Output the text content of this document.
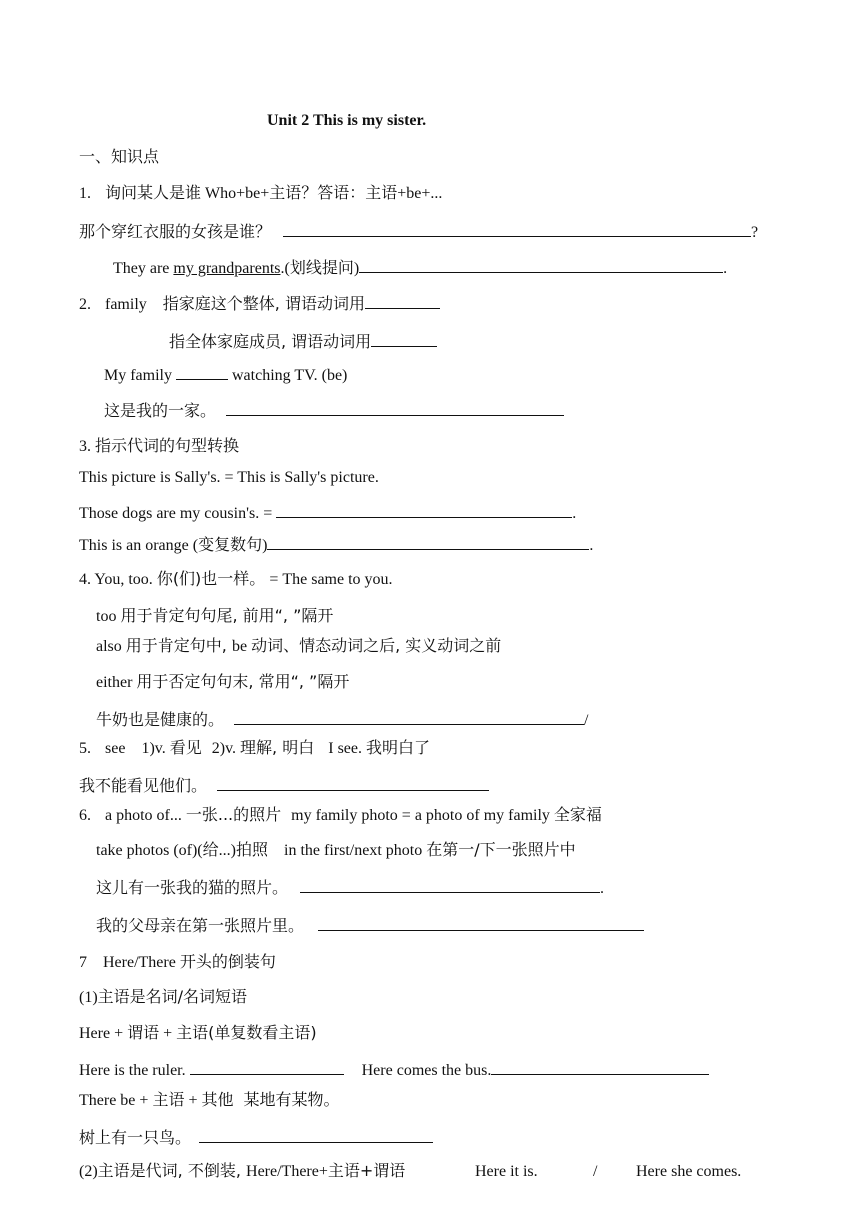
Unit 2 This is my sister.
一、知识点
1. 询问某人是谁 Who+be+主语？答语：主语+be+...
那个穿红衣服的女孩是谁？	?
They are my grandparents.(划线提问)	.
2. family 指家庭这个整体, 谓语动词用
指全体家庭成员, 谓语动词用
My family	watching TV. (be)
这是我的一家。
3. 指示代词的句型转换
This picture is Sally's. = This is Sally's picture.
Those dogs are my cousin's. =	.
This is an orange (变复数句)	.
4. You, too. 你(们)也一样。 = The same to you.
too 用于肯定句句尾, 前用“, ”隔开
also 用于肯定句中, be 动词、情态动词之后, 实义动词之前
either 用于否定句句末, 常用“, ”隔开
牛奶也是健康的。	/
5. see 1)v. 看见 2)v. 理解, 明白 I see. 我明白了
我不能看见他们。
6. a photo of... 一张...的照片 my family photo = a photo of my family 全家福
take photos (of)(给...)拍照 in the first/next photo 在第一/下一张照片中
这儿有一张我的猫的照片。	.
我的父母亲在第一张照片里。
7 Here/There 开头的倒装句
(1)主语是名词/名词短语
Here + 谓语 + 主语(单复数看主语)
Here is the ruler.	Here comes the bus.
There be + 主语 + 其他 某地有某物。
树上有一只鸟。
(2)主语是代词, 不倒装, Here/There+主语+谓语	Here it is.	/ Here she comes.
